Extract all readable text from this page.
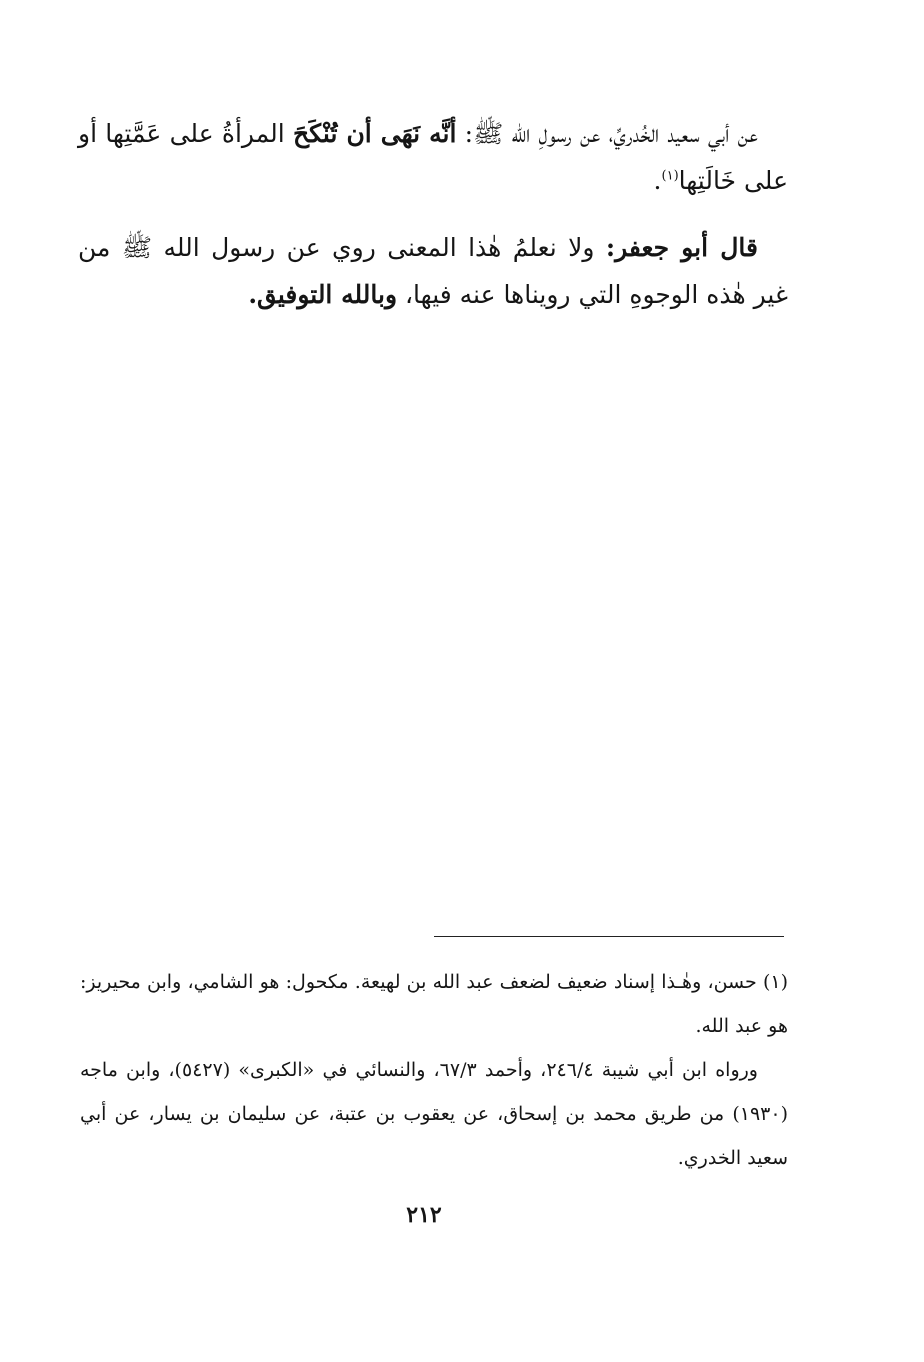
عن أبي سعيد الخُدريِّ، عن رسولِ الله ﷺ: أنَّه نَهَى أن تُنْكَحَ المرأةُ على عَمَّتِها أو على خَالَتِها$^{(١)}$.

قال أبو جعفر: ولا نعلمُ هٰذا المعنى روي عن رسول الله ﷺ من غير هٰذه الوجوهِ التي رويناها عنه فيها، وبالله التوفيق.

(١) حسن، وهٰـذا إسناد ضعيف لضعف عبد الله بن لهيعة. مكحول: هو الشامي، وابن محيريز: هو عبد الله.

ورواه ابن أبي شيبة ٢٤٦/٤، وأحمد ٦٧/٣، والنسائي في «الكبرى» (٥٤٢٧)، وابن ماجه (١٩٣٠) من طريق محمد بن إسحاق، عن يعقوب بن عتبة، عن سليمان بن يسار، عن أبي سعيد الخدري.

٢١٢
